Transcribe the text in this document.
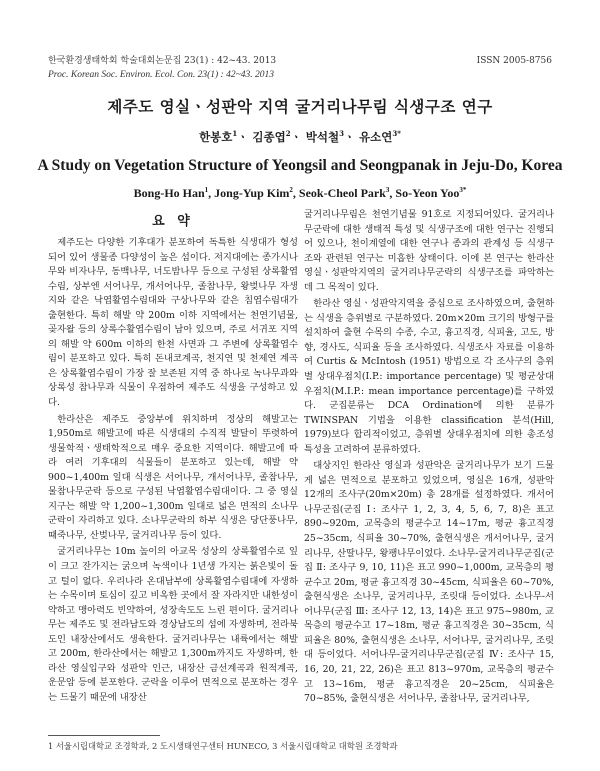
한국환경생태학회 학술대회논문집 23(1) : 42~43. 2013	ISSN 2005-8756
Proc. Korean Soc. Environ. Ecol. Con. 23(1) : 42~43. 2013
제주도 영실ㆍ성판악 지역 굴거리나무림 식생구조 연구
한봉호$^1$ㆍ 김종엽$^2$ㆍ 박석철$^3$ㆍ 유소연$^{3*}$
A Study on Vegetation Structure of Yeongsil and Seongpanak in Jeju-Do, Korea
Bong-Ho Han$^1$, Jong-Yup Kim$^2$, Seok-Cheol Park$^3$, So-Yeon Yoo$^{3*}$
요 약

제주도는 다양한 기후대가 분포하여 독특한 식생대가 형성되어 있어 생물종 다양성이 높은 섬이다. 저지대에는 종가시나무와 비자나무, 동백나무, 너도밤나무 등으로 구성된 상록활엽수림, 상부엔 서어나무, 개서어나무, 졸참나무, 왕벚나무 자생지와 같은 낙엽활엽수림대와 구상나무와 같은 침엽수림대가 출현한다. 특히 해발 약 200m 이하 지역에서는 천연기념물, 곶자왈 등의 상록수활엽수림이 남아 있으며, 주로 서귀포 지역의 해발 약 600m 이하의 한천 사면과 그 주변에 상록활엽수림이 분포하고 있다. 특히 돈내코계곡, 천지연 및 천제연 계곡은 상록활엽수림이 가장 잘 보존된 지역 중 하나로 녹나무과와 상록성 참나무과 식물이 우점하여 제주도 식생을 구성하고 있다.

한라산은 제주도 중앙부에 위치하며 정상의 해발고는 1,950m로 해발고에 따른 식생대의 수직적 발달이 뚜렷하여 생물학적ㆍ생태학적으로 매우 중요한 지역이다. 해발고에 따라 여러 기후대의 식물들이 분포하고 있는데, 해발 약 900~1,400m 일대 식생은 서어나무, 개서어나무, 졸참나무, 물참나무군락 등으로 구성된 낙엽활엽수림대이다. 그 중 영실지구는 해발 약 1,200~1,300m 일대로 넓은 면적의 소나무군락이 자리하고 있다. 소나무군락의 하부 식생은 당단풍나무, 때죽나무, 산벚나무, 굴거리나무 등이 있다.

굴거리나무는 10m 높이의 아교목 성상의 상록활엽수로 잎이 크고 잔가지는 굵으며 녹색이나 1년생 가지는 붉은빛이 돌고 털이 없다. 우리나라 온대남부에 상록활엽수림대에 자생하는 수목이며 토심이 깊고 비옥한 곳에서 잘 자라지만 내한성이 약하고 맹아력도 빈약하여, 성장속도도 느린 편이다. 굴거리나무는 제주도 및 전라남도와 경상남도의 섬에 자생하며, 전라북도인 내장산에서도 생육한다. 굴거리나무는 내륙에서는 해발고 200m, 한라산에서는 해발고 1,300m까지도 자생하며, 한라산 영실입구와 성판악 인근, 내장산 금선계곡과 원적계곡, 운문암 등에 분포한다. 군락을 이루어 면적으로 분포하는 경우는 드물기 때문에 내장산

굴거리나무림은 천연기념물 91호로 지정되어있다. 굴거리나무군락에 대한 생태적 특성 및 식생구조에 대한 연구는 진행되어 있으나, 천이계열에 대한 연구나 종과의 관계성 등 식생구조와 관련된 연구는 미흡한 상태이다. 이에 본 연구는 한라산 영실ㆍ성판악지역의 굴거리나무군락의 식생구조를 파악하는 데 그 목적이 있다.

한라산 영실ㆍ성판악지역을 중심으로 조사하였으며, 출현하는 식생을 층위별로 구분하였다. 20m×20m 크기의 방형구를 설치하여 출현 수목의 수종, 수고, 흉고직경, 식피율, 고도, 방향, 경사도, 식피율 등을 조사하였다. 식생조사 자료를 이용하여 Curtis & McIntosh (1951) 방법으로 각 조사구의 층위별 상대우점치(I.P.: importance percentage) 및 평균상대우점치(M.I.P.: mean importance percentage)를 구하였다. 군집분류는 DCA Ordination에 의한 분류가 TWINSPAN 기법을 이용한 classification 분석(Hill, 1979)보다 합리적이었고, 층위별 상대우점치에 의한 총조성 특성을 고려하여 분류하였다.

대상지인 한라산 영실과 성판악은 굴거리나무가 보기 드물게 넓은 면적으로 분포하고 있었으며, 영실은 16개, 성판악 12개의 조사구(20m×20m) 총 28개를 설정하였다. 개서어나무군집(군집 Ⅰ: 조사구 1, 2, 3, 4, 5, 6, 7, 8)은 표고 890~920m, 교목층의 평균수고 14~17m, 평균 흉고직경 25~35cm, 식피율 30~70%, 출현식생은 개서어나무, 굴거리나무, 산딸나무, 왕팽나무이었다. 소나무-굴거리나무군집(군집 Ⅱ: 조사구 9, 10, 11)은 표고 990~1,000m, 교목층의 평균수고 20m, 평균 흉고직경 30~45cm, 식피율은 60~70%, 출현식생은 소나무, 굴거리나무, 조릿대 등이었다. 소나무-서어나무(군집 Ⅲ: 조사구 12, 13, 14)은 표고 975~980m, 교목층의 평균수고 17~18m, 평균 흉고직경은 30~35cm, 식피율은 80%, 출현식생은 소나무, 서어나무, 굴거리나무, 조릿대 등이었다. 서어나무-굴거리나무군집(군집 Ⅳ: 조사구 15, 16, 20, 21, 22, 26)은 표고 813~970m, 교목층의 평균수고 13~16m, 평균 흉고직경은 20~25cm, 식피율은 70~85%, 출현식생은 서어나무, 졸참나무, 굴거리나무,

1 서울시립대학교 조경학과, 2 도시생태연구센터 HUNECO, 3 서울시립대학교 대학원 조경학과
